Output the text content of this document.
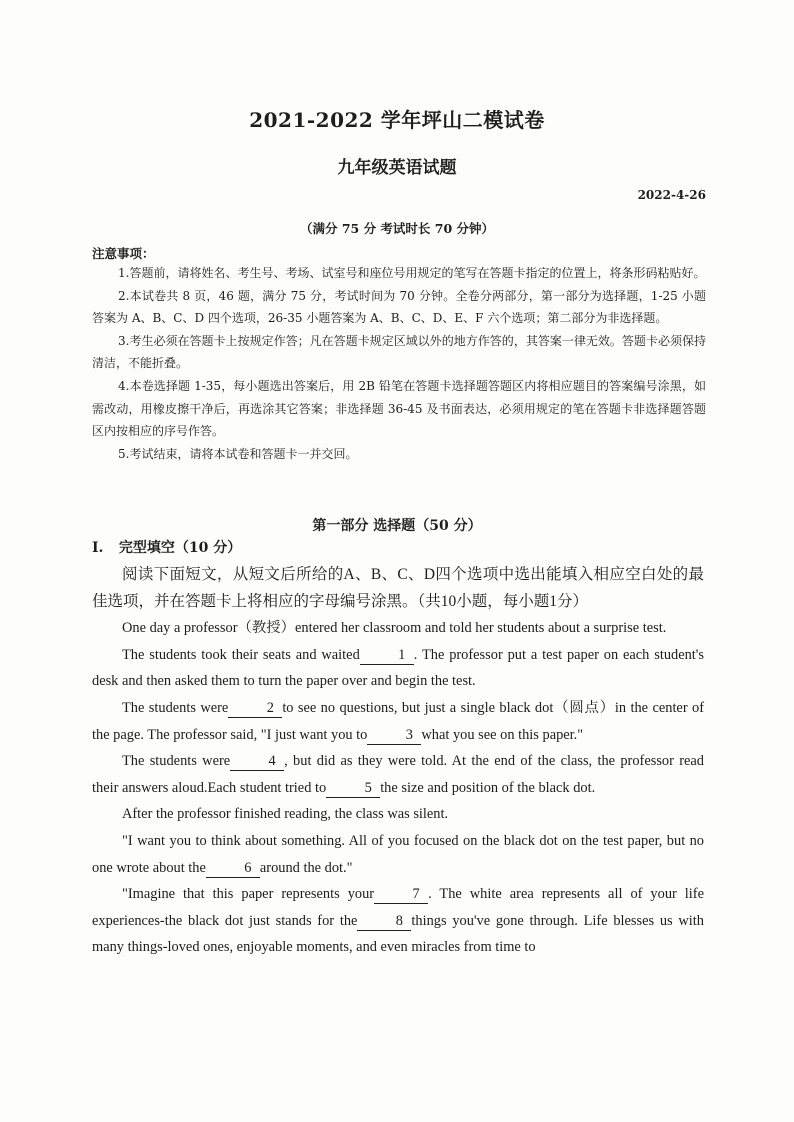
2021-2022 学年坪山二模试卷
九年级英语试题
2022-4-26
（满分 75 分 考试时长 70 分钟）
注意事项：

1.答题前，请将姓名、考生号、考场、试室号和座位号用规定的笔写在答题卡指定的位置上，将条形码粘贴好。

2.本试卷共 8 页，46 题，满分 75 分，考试时间为 70 分钟。全卷分两部分，第一部分为选择题，1-25 小题答案为 A、B、C、D 四个选项，26-35 小题答案为 A、B、C、D、E、F 六个选项；第二部分为非选择题。

3.考生必须在答题卡上按规定作答；凡在答题卡规定区域以外的地方作答的，其答案一律无效。答题卡必须保持清洁，不能折叠。

4.本卷选择题 1-35，每小题选出答案后，用 2B 铅笔在答题卡选择题答题区内将相应题目的答案编号涂黑，如需改动，用橡皮擦干净后，再选涂其它答案；非选择题 36-45 及书面表达，必须用规定的笔在答题卡非选择题答题区内按相应的序号作答。

5.考试结束，请将本试卷和答题卡一并交回。

第一部分 选择题（50 分）
I. 完型填空（10 分）

阅读下面短文，从短文后所给的A、B、C、D四个选项中选出能填入相应空白处的最佳选项，并在答题卡上将相应的字母编号涂黑。（共10小题，每小题1分）

One day a professor（教授）entered her classroom and told her students about a surprise test.

The students took their seats and waited	1 . The professor put a test paper on each student's desk and then asked them to turn the paper over and begin the test.

The students were	2 to see no questions, but just a single black dot（圆点）in the center of the page. The professor said, "I just want you to	3 what you see on this paper."

The students were	4 , but did as they were told. At the end of the class, the professor read their answers aloud.Each student tried to	5 the size and position of the black dot.

After the professor finished reading, the class was silent.

"I want you to think about something. All of you focused on the black dot on the test paper, but no one wrote about the	6 around the dot."

"Imagine that this paper represents your	7 . The white area represents all of your life experiences-the black dot just stands for the	8 things you've gone through. Life blesses us with many things-loved ones, enjoyable moments, and even miracles from time to
